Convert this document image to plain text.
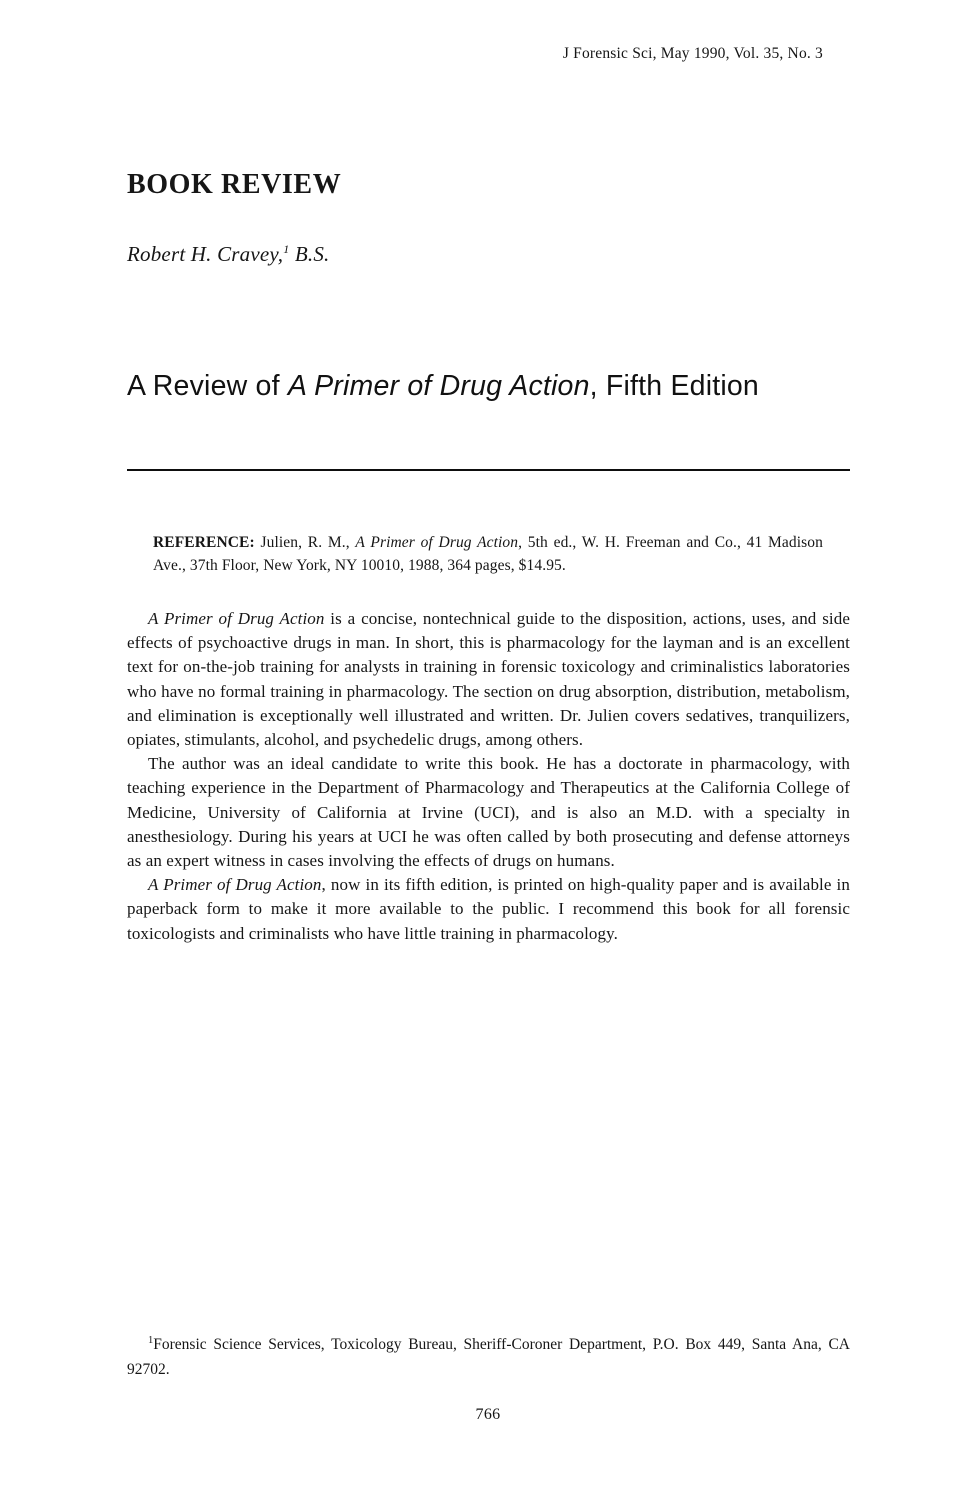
J Forensic Sci, May 1990, Vol. 35, No. 3
BOOK REVIEW
Robert H. Cravey,$^1$ B.S.
A Review of A Primer of Drug Action, Fifth Edition
REFERENCE: Julien, R. M., A Primer of Drug Action, 5th ed., W. H. Freeman and Co., 41 Madison Ave., 37th Floor, New York, NY 10010, 1988, 364 pages, $14.95.

A Primer of Drug Action is a concise, nontechnical guide to the disposition, actions, uses, and side effects of psychoactive drugs in man. In short, this is pharmacology for the layman and is an excellent text for on-the-job training for analysts in training in forensic toxicology and criminalistics laboratories who have no formal training in pharmacology. The section on drug absorption, distribution, metabolism, and elimination is exceptionally well illustrated and written. Dr. Julien covers sedatives, tranquilizers, opiates, stimulants, alcohol, and psychedelic drugs, among others.

The author was an ideal candidate to write this book. He has a doctorate in pharmacology, with teaching experience in the Department of Pharmacology and Therapeutics at the California College of Medicine, University of California at Irvine (UCI), and is also an M.D. with a specialty in anesthesiology. During his years at UCI he was often called by both prosecuting and defense attorneys as an expert witness in cases involving the effects of drugs on humans.

A Primer of Drug Action, now in its fifth edition, is printed on high-quality paper and is available in paperback form to make it more available to the public. I recommend this book for all forensic toxicologists and criminalists who have little training in pharmacology.

$^1$Forensic Science Services, Toxicology Bureau, Sheriff-Coroner Department, P.O. Box 449, Santa Ana, CA 92702.
766
